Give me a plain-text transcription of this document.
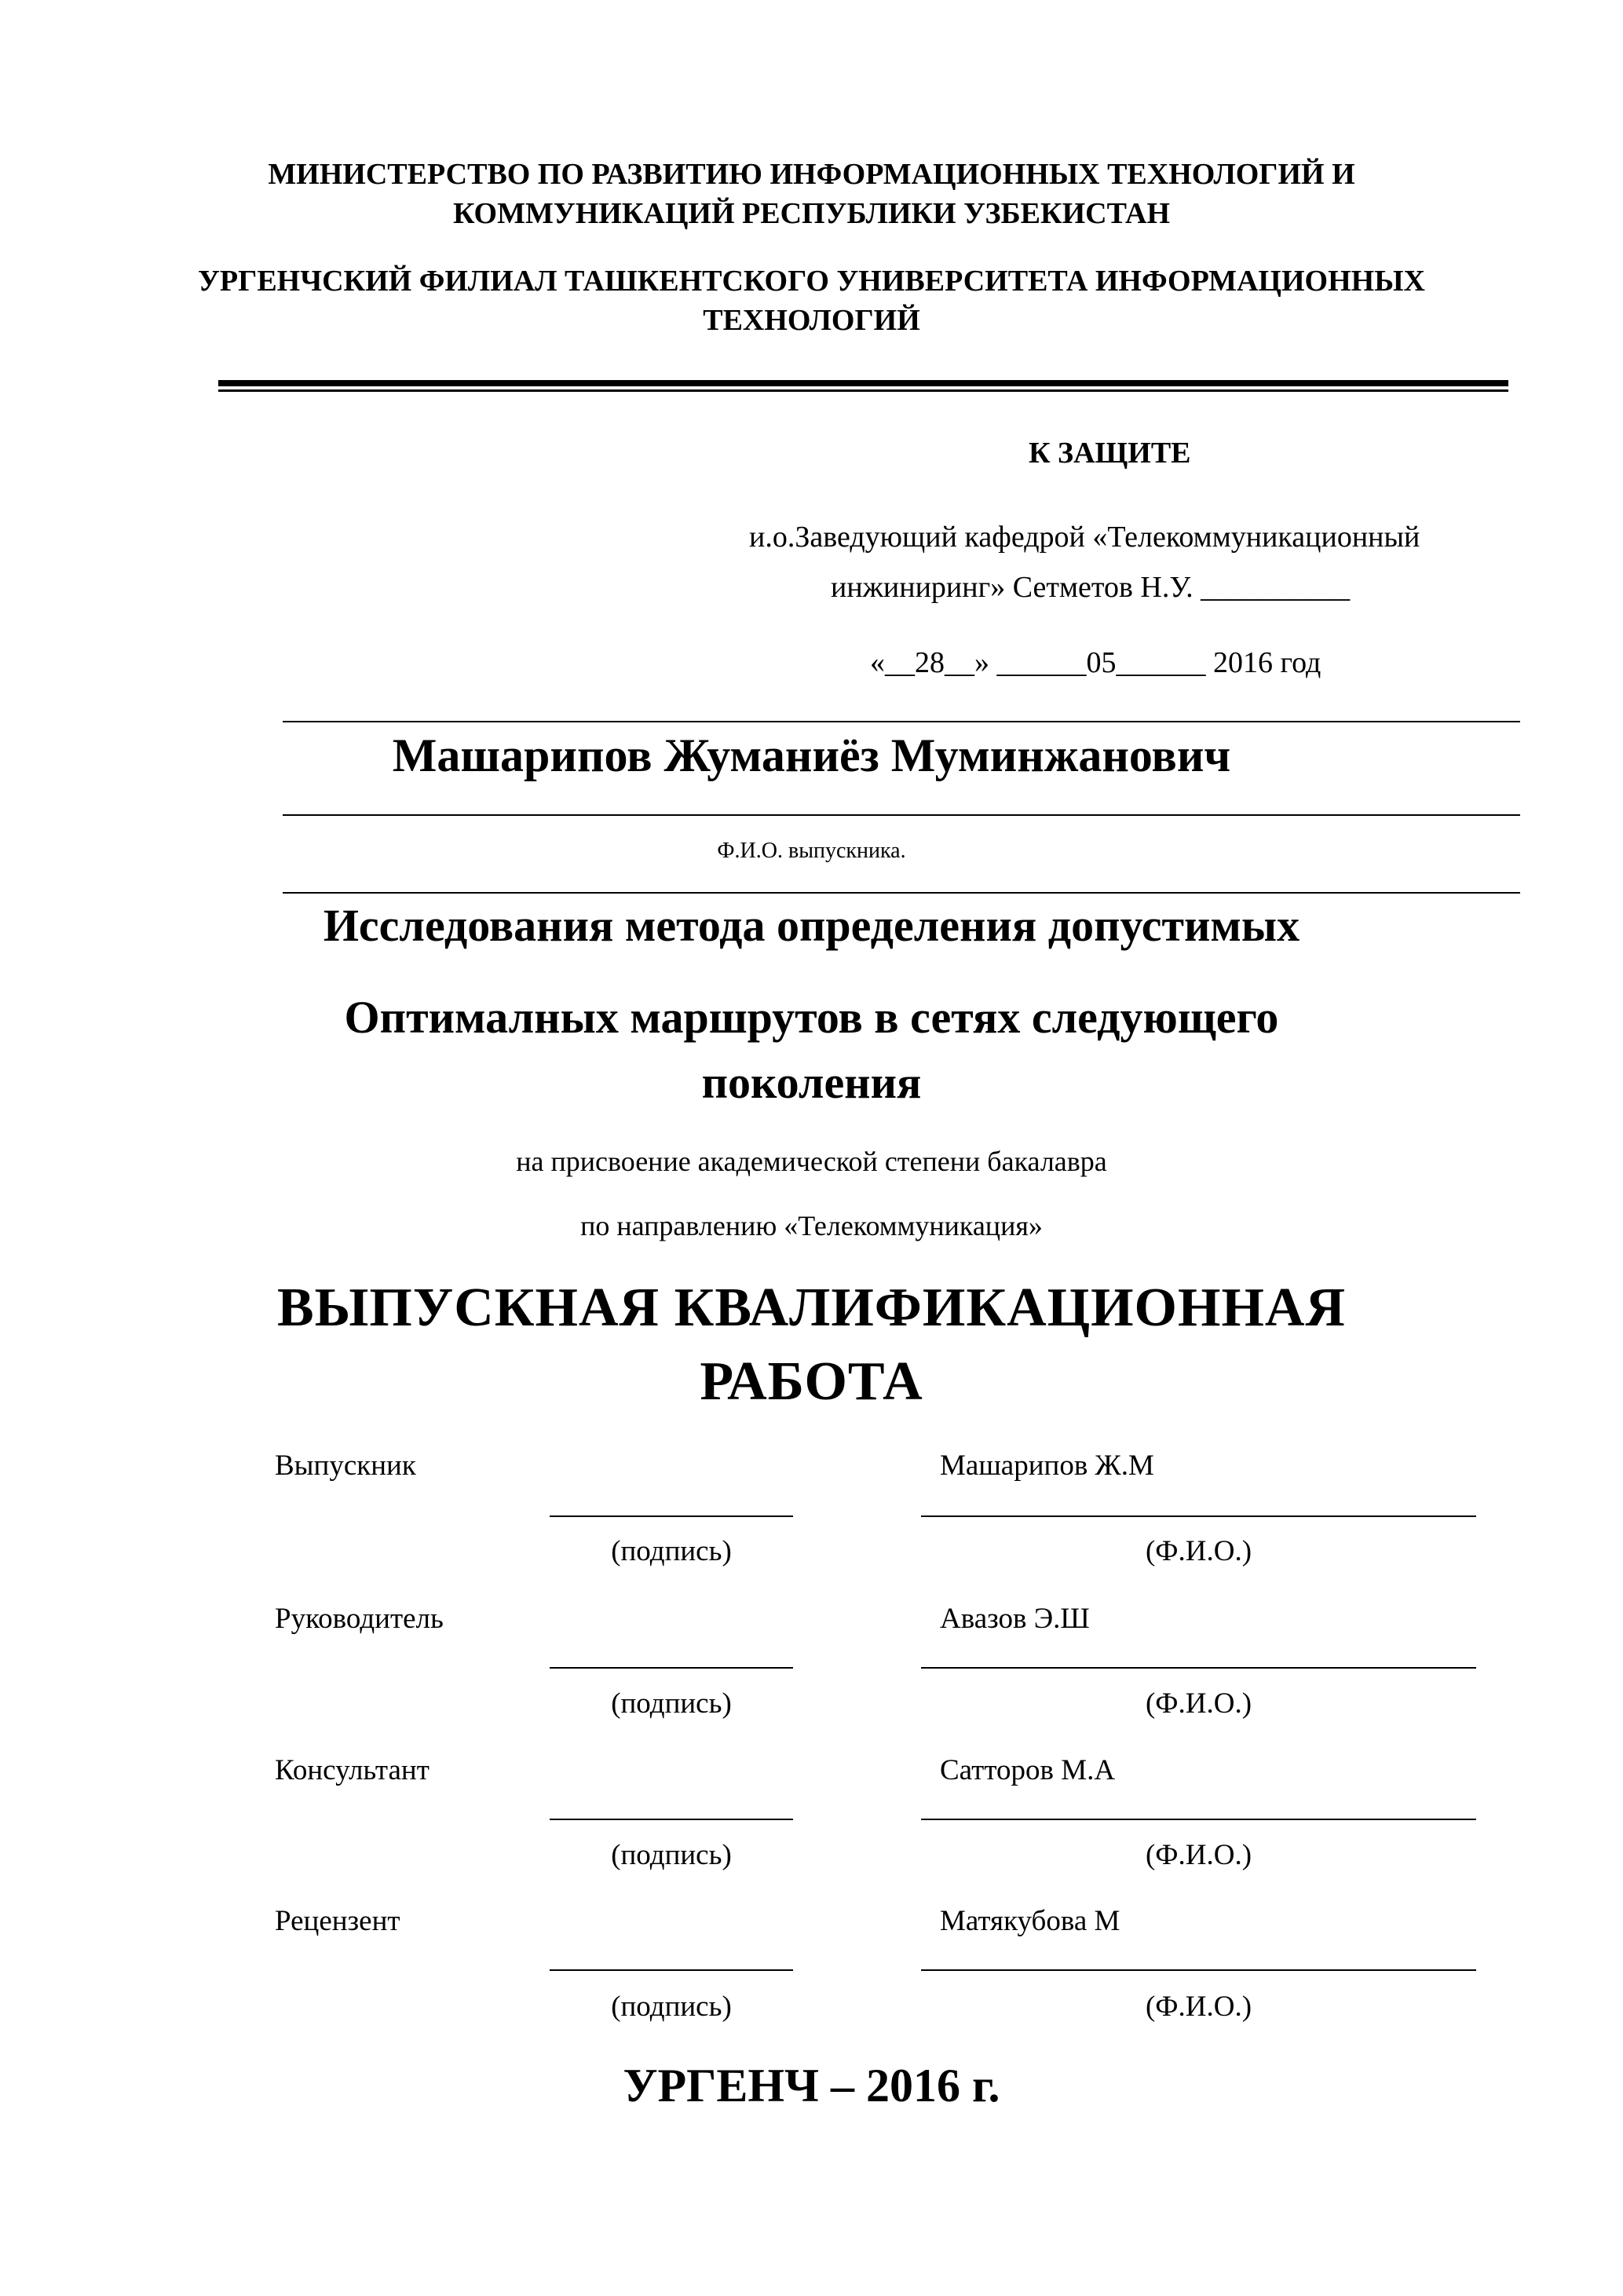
МИНИСТЕРСТВО ПО РАЗВИТИЮ ИНФОРМАЦИОННЫХ ТЕХНОЛОГИЙ И
КОММУНИКАЦИЙ РЕСПУБЛИКИ УЗБЕКИСТАН
УРГЕНЧСКИЙ ФИЛИАЛ ТАШКЕНТСКОГО УНИВЕРСИТЕТА ИНФОРМАЦИОННЫХ
ТЕХНОЛОГИЙ
К ЗАЩИТЕ
и.о.Заведующий кафедрой «Телекоммуникационный
инжиниринг» Сетметов Н.У. __________
«__28__» ______05______ 2016 год
Машарипов Жуманиёз Муминжанович
Ф.И.О. выпускника.
Исследования метода определения допустимых
Оптималных маршрутов в сетях следующего
поколения
на присвоение академической степени бакалавра
по направлению «Телекоммуникация»
ВЫПУСКНАЯ КВАЛИФИКАЦИОННАЯ
РАБОТА
Выпускник	Машарипов Ж.М
(подпись)	(Ф.И.О.)
Руководитель	Авазов Э.Ш
(подпись)	(Ф.И.О.)
Консультант	Сатторов М.А
(подпись)	(Ф.И.О.)
Рецензент	Матякубова М
(подпись)	(Ф.И.О.)
УРГЕНЧ – 2016 г.
